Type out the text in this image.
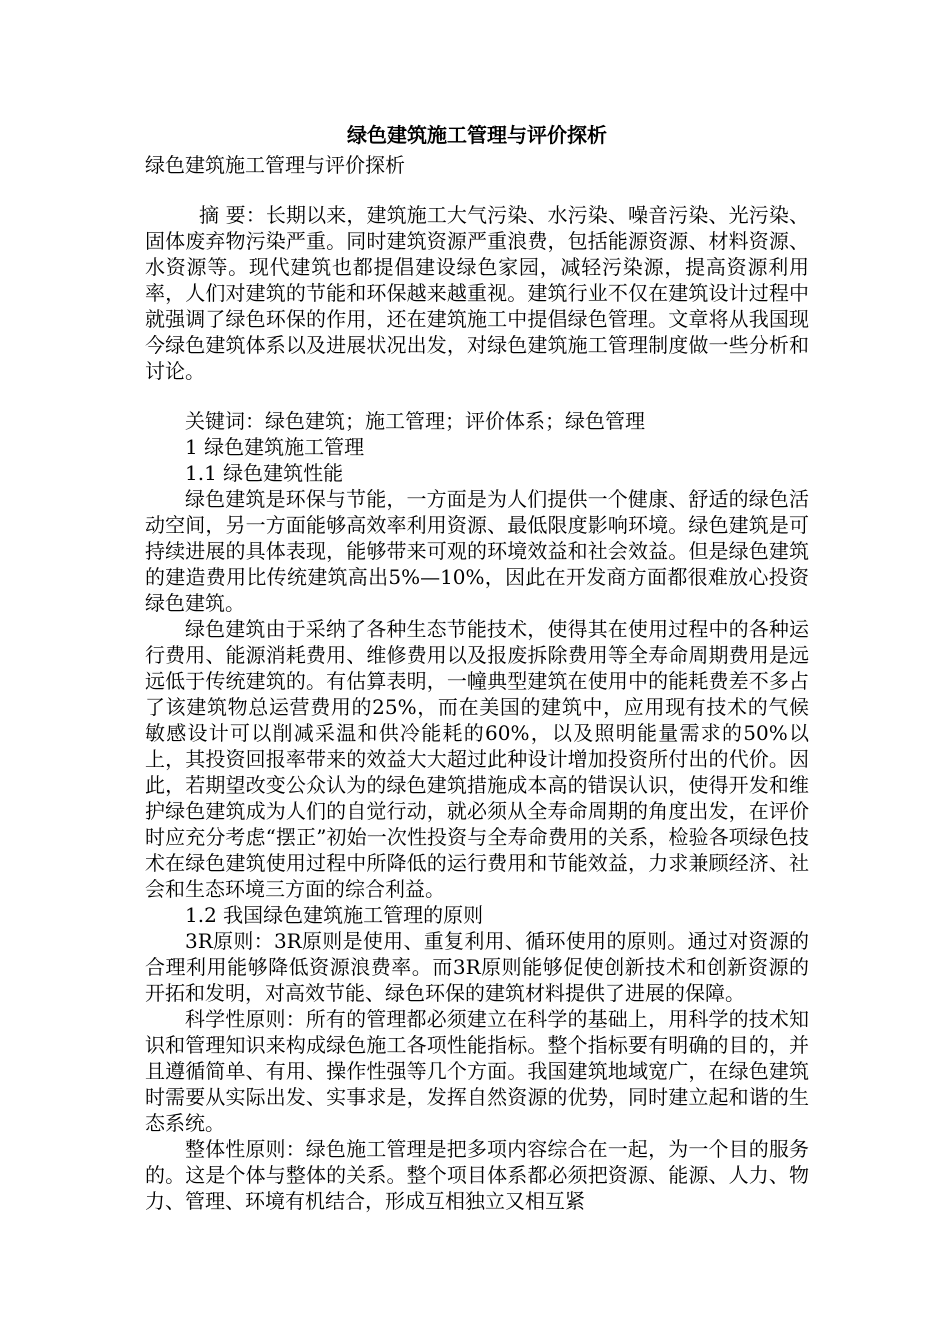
绿色建筑施工管理与评价探析

绿色建筑施工管理与评价探析

摘 要：长期以来，建筑施工大气污染、水污染、噪音污染、光污染、固体废弃物污染严重。同时建筑资源严重浪费，包括能源资源、材料资源、水资源等。现代建筑也都提倡建设绿色家园，减轻污染源，提高资源利用率，人们对建筑的节能和环保越来越重视。建筑行业不仅在建筑设计过程中就强调了绿色环保的作用，还在建筑施工中提倡绿色管理。文章将从我国现今绿色建筑体系以及进展状况出发，对绿色建筑施工管理制度做一些分析和讨论。

关键词：绿色建筑；施工管理；评价体系；绿色管理

1 绿色建筑施工管理

1.1 绿色建筑性能

绿色建筑是环保与节能，一方面是为人们提供一个健康、舒适的绿色活动空间，另一方面能够高效率利用资源、最低限度影响环境。绿色建筑是可持续进展的具体表现，能够带来可观的环境效益和社会效益。但是绿色建筑的建造费用比传统建筑高出5%—10%，因此在开发商方面都很难放心投资绿色建筑。

绿色建筑由于采纳了各种生态节能技术，使得其在使用过程中的各种运行费用、能源消耗费用、维修费用以及报废拆除费用等全寿命周期费用是远远低于传统建筑的。有估算表明，一幢典型建筑在使用中的能耗费差不多占了该建筑物总运营费用的25%，而在美国的建筑中，应用现有技术的气候敏感设计可以削减采温和供冷能耗的60%，以及照明能量需求的50%以上，其投资回报率带来的效益大大超过此种设计增加投资所付出的代价。因此，若期望改变公众认为的绿色建筑措施成本高的错误认识，使得开发和维护绿色建筑成为人们的自觉行动，就必须从全寿命周期的角度出发，在评价时应充分考虑“摆正”初始一次性投资与全寿命费用的关系，检验各项绿色技术在绿色建筑使用过程中所降低的运行费用和节能效益，力求兼顾经济、社会和生态环境三方面的综合利益。

1.2 我国绿色建筑施工管理的原则

3R原则：3R原则是使用、重复利用、循环使用的原则。通过对资源的合理利用能够降低资源浪费率。而3R原则能够促使创新技术和创新资源的开拓和发明，对高效节能、绿色环保的建筑材料提供了进展的保障。

科学性原则：所有的管理都必须建立在科学的基础上，用科学的技术知识和管理知识来构成绿色施工各项性能指标。整个指标要有明确的目的，并且遵循简单、有用、操作性强等几个方面。我国建筑地域宽广，在绿色建筑时需要从实际出发、实事求是，发挥自然资源的优势，同时建立起和谐的生态系统。

整体性原则：绿色施工管理是把多项内容综合在一起，为一个目的服务的。这是个体与整体的关系。整个项目体系都必须把资源、能源、人力、物力、管理、环境有机结合，形成互相独立又相互紧
